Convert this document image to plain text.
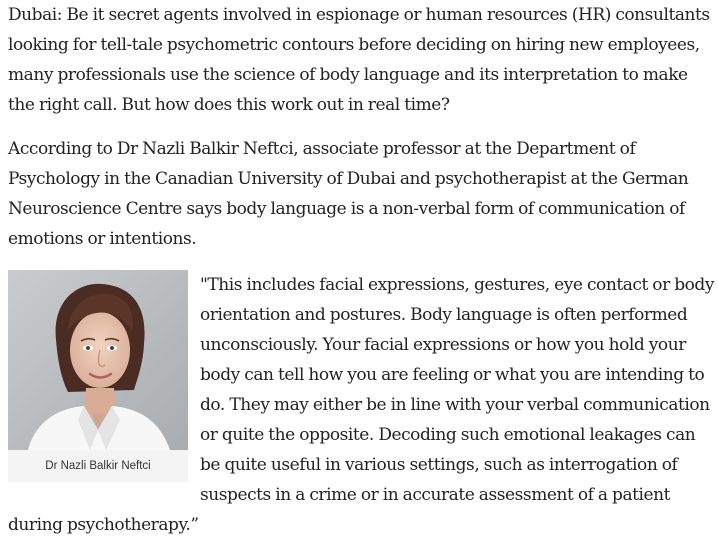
Dubai: Be it secret agents involved in espionage or human resources (HR) consultants looking for tell-tale psychometric contours before deciding on hiring new employees, many professionals use the science of body language and its interpretation to make the right call. But how does this work out in real time?

According to Dr Nazli Balkir Neftci, associate professor at the Department of Psychology in the Canadian University of Dubai and psychotherapist at the German Neuroscience Centre says body language is a non-verbal form of communication of emotions or intentions.

"This includes facial expressions, gestures, eye contact or body orientation and postures. Body language is often performed unconsciously. Your facial expressions or how you hold your body can tell how you are feeling or what you are intending to do. They may either be in line with your verbal communication or quite the opposite. Decoding such emotional leakages can be quite useful in various settings, such as interrogation of suspects in a crime or in accurate assessment of a patient during psychotherapy.”

Dr Nazli Balkir Neftci
